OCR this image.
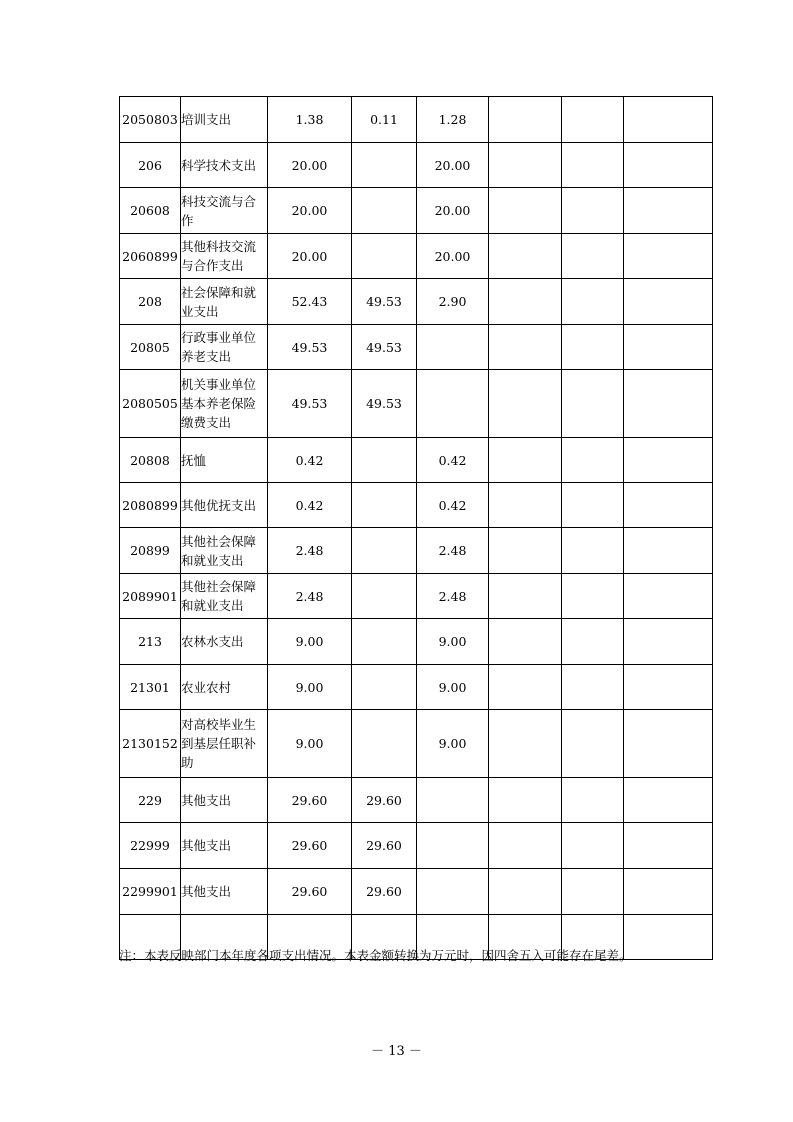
2050803	培训支出	1.38	0.11	1.28			
206	科学技术支出	20.00		20.00			
20608	科技交流与合作	20.00		20.00			
2060899	其他科技交流与合作支出	20.00		20.00			
208	社会保障和就业支出	52.43	49.53	2.90			
20805	行政事业单位养老支出	49.53	49.53				
2080505	机关事业单位基本养老保险缴费支出	49.53	49.53				
20808	抚恤	0.42		0.42			
2080899	其他优抚支出	0.42		0.42			
20899	其他社会保障和就业支出	2.48		2.48			
2089901	其他社会保障和就业支出	2.48		2.48			
213	农林水支出	9.00		9.00			
21301	农业农村	9.00		9.00			
2130152	对高校毕业生到基层任职补助	9.00		9.00			
229	其他支出	29.60	29.60				
22999	其他支出	29.60	29.60				
2299901	其他支出	29.60	29.60				

注：本表反映部门本年度各项支出情况。本表金额转换为万元时，因四舍五入可能存在尾差。
－ 13 －
